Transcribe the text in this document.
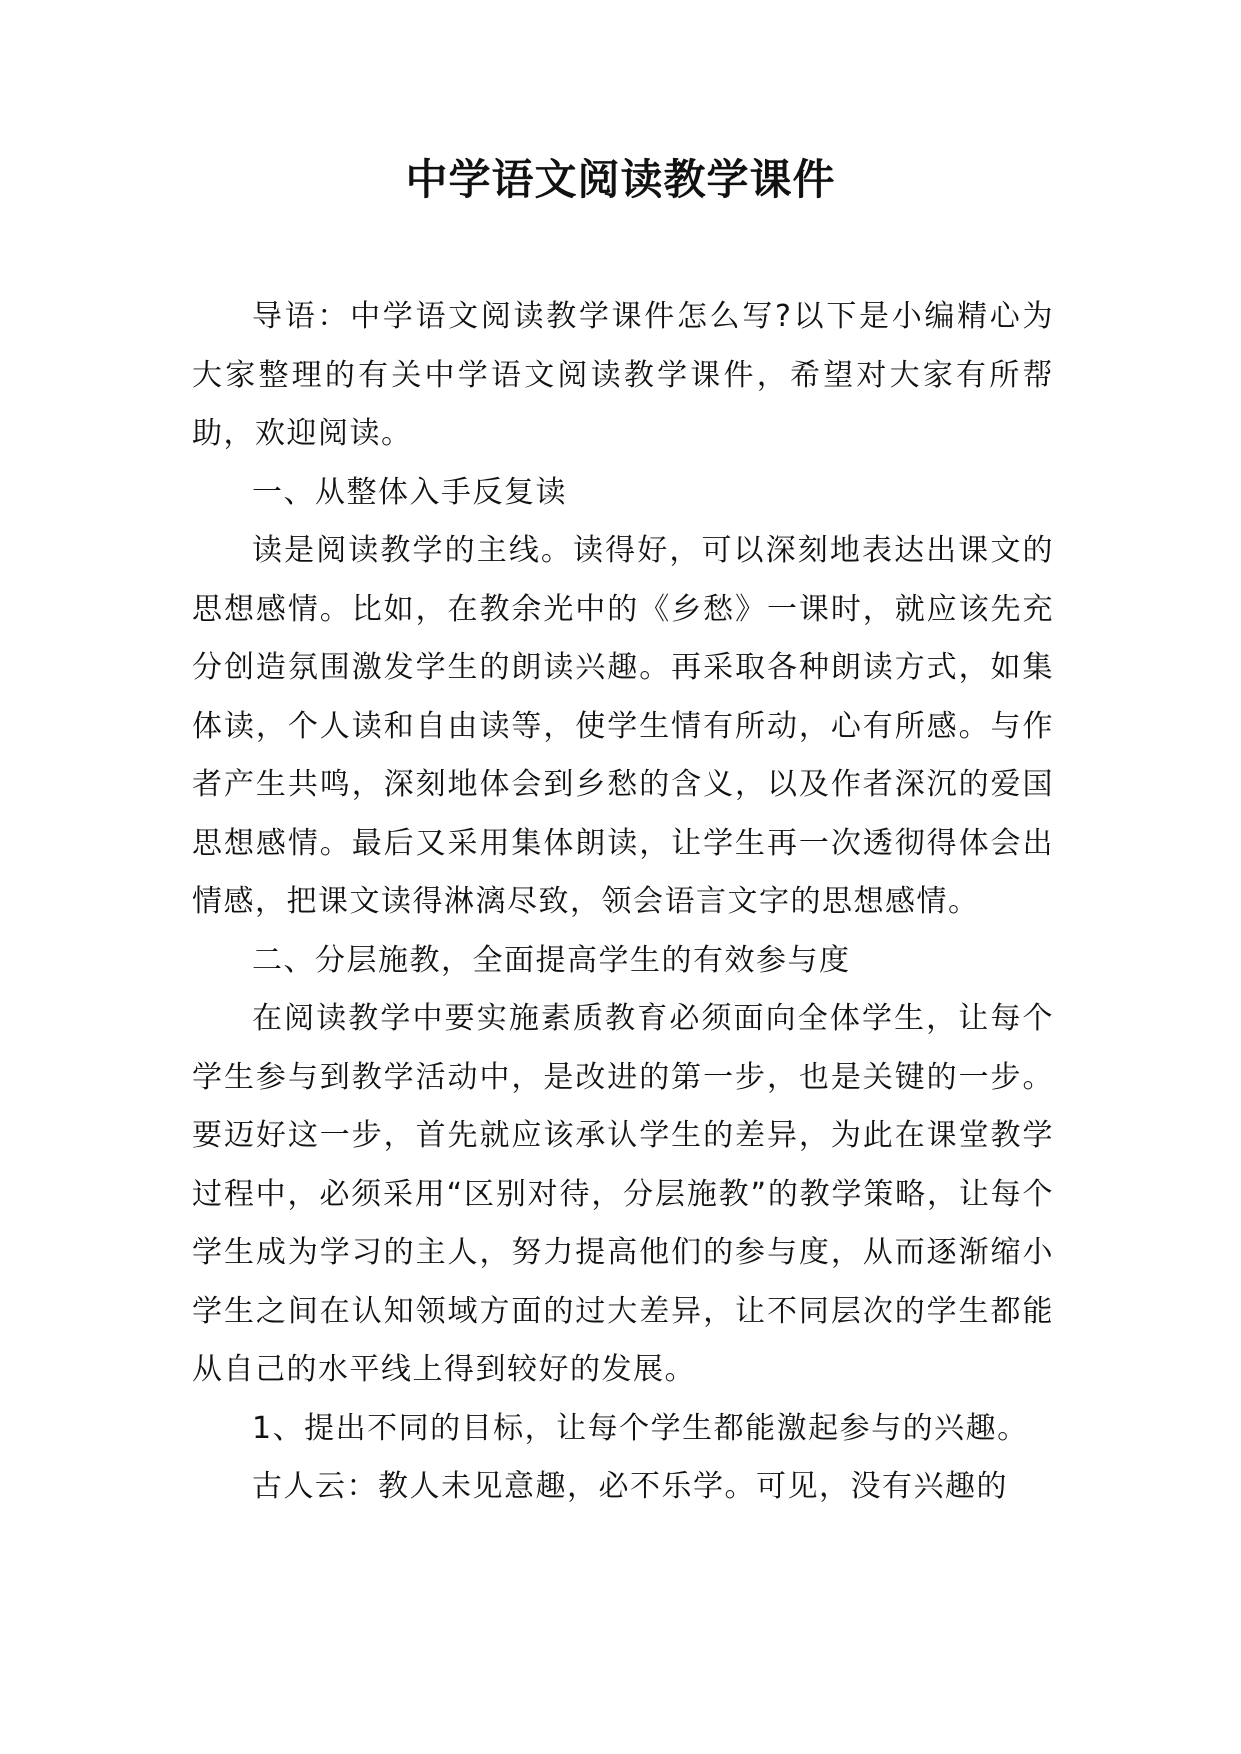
中学语文阅读教学课件

导语：中学语文阅读教学课件怎么写?以下是小编精心为大家整理的有关中学语文阅读教学课件，希望对大家有所帮助，欢迎阅读。

一、从整体入手反复读

读是阅读教学的主线。读得好，可以深刻地表达出课文的思想感情。比如，在教余光中的《乡愁》一课时，就应该先充分创造氛围激发学生的朗读兴趣。再采取各种朗读方式，如集体读，个人读和自由读等，使学生情有所动，心有所感。与作者产生共鸣，深刻地体会到乡愁的含义，以及作者深沉的爱国思想感情。最后又采用集体朗读，让学生再一次透彻得体会出情感，把课文读得淋漓尽致，领会语言文字的思想感情。

二、分层施教，全面提高学生的有效参与度

在阅读教学中要实施素质教育必须面向全体学生，让每个学生参与到教学活动中，是改进的第一步，也是关键的一步。要迈好这一步，首先就应该承认学生的差异，为此在课堂教学过程中，必须采用“区别对待，分层施教”的教学策略，让每个学生成为学习的主人，努力提高他们的参与度，从而逐渐缩小学生之间在认知领域方面的过大差异，让不同层次的学生都能从自己的水平线上得到较好的发展。

1、提出不同的目标，让每个学生都能激起参与的兴趣。

古人云：教人未见意趣，必不乐学。可见，没有兴趣的
